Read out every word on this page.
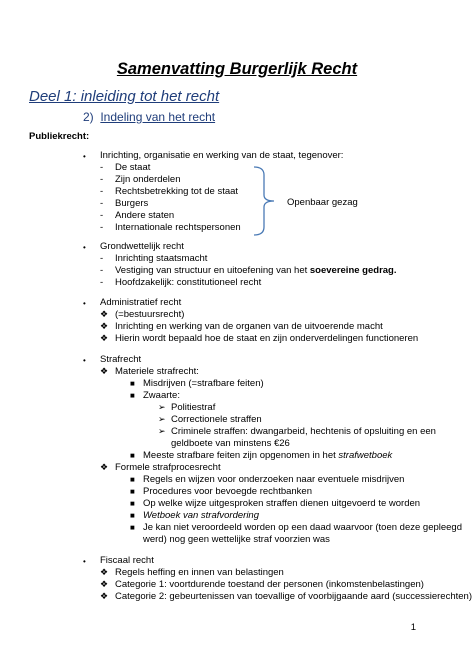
Samenvatting Burgerlijk Recht
Deel 1: inleiding tot het recht
2) Indeling van het recht
Publiekrecht:
• Inrichting, organisatie en werking van de staat, tegenover:
- De staat
- Zijn onderdelen
- Rechtsbetrekking tot de staat
- Burgers
- Andere staten
- Internationale rechtspersonen
Openbaar gezag
• Grondwettelijk recht
- Inrichting staatsmacht
- Vestiging van structuur en uitoefening van het soevereine gedrag.
- Hoofdzakelijk: constitutioneel recht
• Administratief recht
❖ (=bestuursrecht)
❖ Inrichting en werking van de organen van de uitvoerende macht
❖ Hierin wordt bepaald hoe de staat en zijn onderverdelingen functioneren
• Strafrecht
❖ Materiele strafrecht:
■ Misdrijven (=strafbare feiten)
■ Zwaarte:
➢ Politiestraf
➢ Correctionele straffen
➢ Criminele straffen: dwangarbeid, hechtenis of opsluiting en een
geldboete van minstens €26
■ Meeste strafbare feiten zijn opgenomen in het strafwetboek
❖ Formele strafprocesrecht
■ Regels en wijzen voor onderzoeken naar eventuele misdrijven
■ Procedures voor bevoegde rechtbanken
■ Op welke wijze uitgesproken straffen dienen uitgevoerd te worden
■ Wetboek van strafvordering
■ Je kan niet veroordeeld worden op een daad waarvoor (toen deze gepleegd
werd) nog geen wettelijke straf voorzien was
• Fiscaal recht
❖ Regels heffing en innen van belastingen
❖ Categorie 1: voortdurende toestand der personen (inkomstenbelastingen)
❖ Categorie 2: gebeurtenissen van toevallige of voorbijgaande aard (successierechten)
1
